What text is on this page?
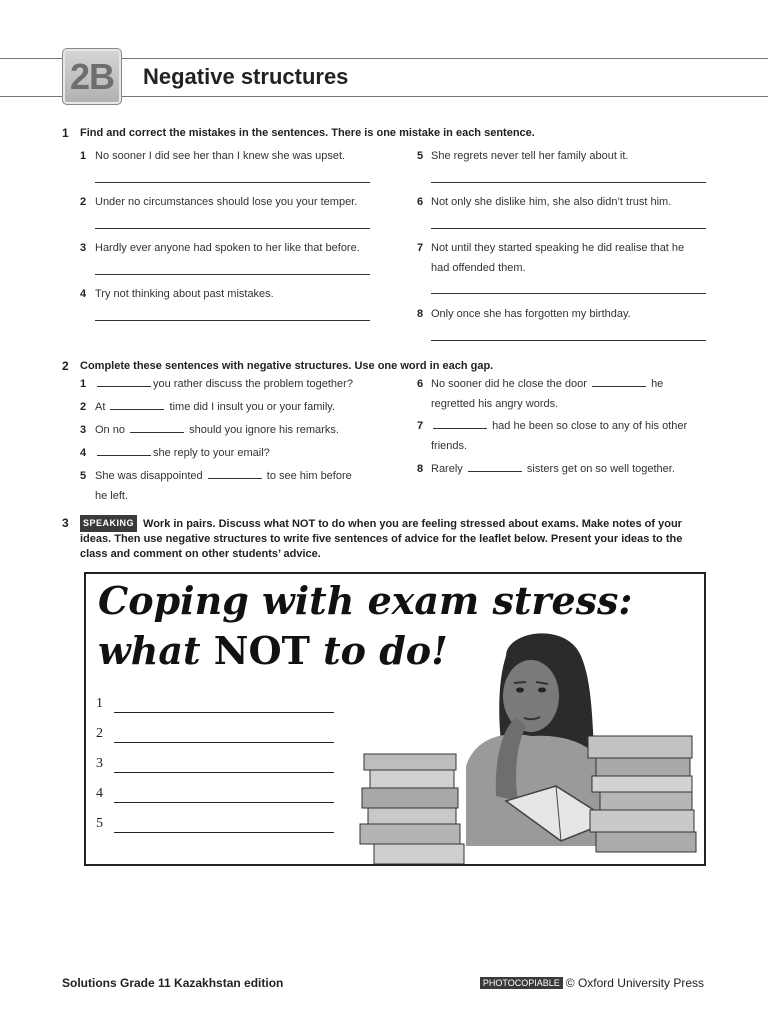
2B	Negative structures
1 Find and correct the mistakes in the sentences. There is one mistake in each sentence.
1 No sooner I did see her than I knew she was upset.
2 Under no circumstances should lose you your temper.
3 Hardly ever anyone had spoken to her like that before.
4 Try not thinking about past mistakes.
5 She regrets never tell her family about it.
6 Not only she dislike him, she also didn’t trust him.
7 Not until they started speaking he did realise that he
had offended them.
8 Only once she has forgotten my birthday.
2 Complete these sentences with negative structures. Use one word in each gap.
1	you rather discuss the problem together?
2 At	time did I insult you or your family.
3 On no	should you ignore his remarks.
4	she reply to your email?
5 She was disappointed	to see him before
he left.
6 No sooner did he close the door	he
regretted his angry words.
7	had he been so close to any of his other
friends.
8 Rarely	sisters get on so well together.
3	SPEAKING Work in pairs. Discuss what NOT to do when you are feeling stressed about exams. Make notes of your
ideas. Then use negative structures to write five sentences of advice for the leaflet below. Present your ideas to the
class and comment on other students’ advice.
Coping with exam stress:
what NOT to do!
1
2
3
4
5
Solutions Grade 11 Kazakhstan edition	PHOTOCOPIABLE © Oxford University Press
